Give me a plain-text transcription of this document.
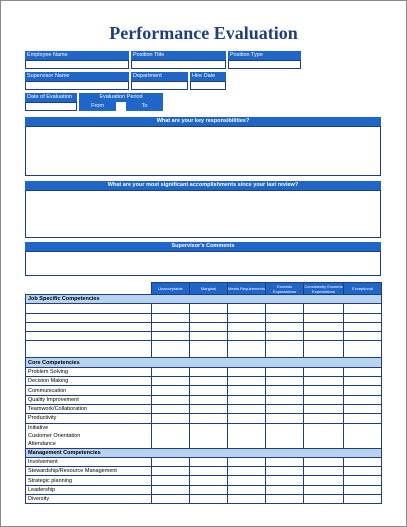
Performance Evaluation
Employee Name	Position Title	Position Type
Supervisor Name	Department	Hire Date
Date of Evaluation	Evaluation Period
From	To
What are your key responsibilities?
What are your most significant accomplishments since your last review?
Supervisor's Comments
	Unacceptable	Marginal	Meets Requirements	Exceeds Expectations	Consistently Exceeds Expectations	Exceptional
Job Specific Competencies						

Core Competencies						
Problem Solving						
Decision Making						
Communication						
Quality Improvement						
Teamwork/Collaboration						
Productivity						

Initiative
Customer Orientation
Attendance						

Management Competencies						
Involvement						
Stewardship/Resource Management						
Strategic planning						
Leadership						
Diversity						
